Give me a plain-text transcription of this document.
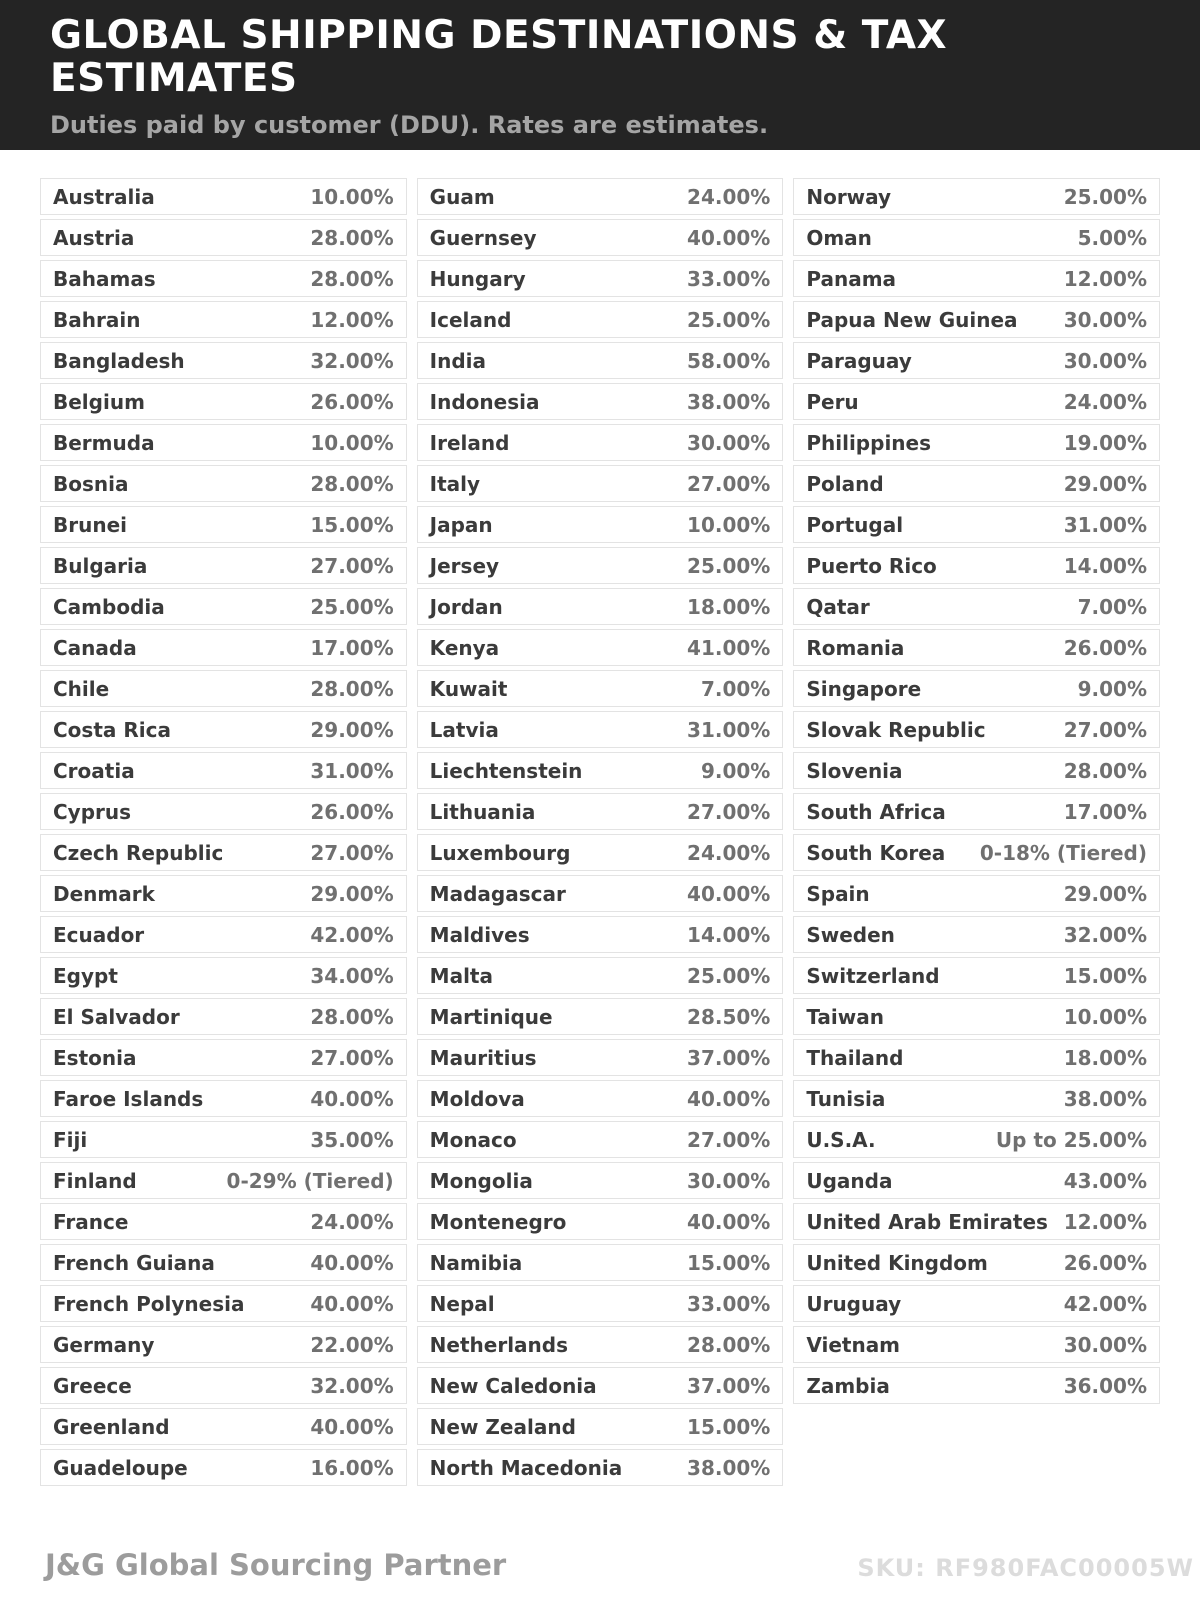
GLOBAL SHIPPING DESTINATIONS & TAX ESTIMATES
Duties paid by customer (DDU). Rates are estimates.
Australia	10.00%
Austria	28.00%
Bahamas	28.00%
Bahrain	12.00%
Bangladesh	32.00%
Belgium	26.00%
Bermuda	10.00%
Bosnia	28.00%
Brunei	15.00%
Bulgaria	27.00%
Cambodia	25.00%
Canada	17.00%
Chile	28.00%
Costa Rica	29.00%
Croatia	31.00%
Cyprus	26.00%
Czech Republic	27.00%
Denmark	29.00%
Ecuador	42.00%
Egypt	34.00%
El Salvador	28.00%
Estonia	27.00%
Faroe Islands	40.00%
Fiji	35.00%
Finland	0-29% (Tiered)
France	24.00%
French Guiana	40.00%
French Polynesia	40.00%
Germany	22.00%
Greece	32.00%
Greenland	40.00%
Guadeloupe	16.00%
Guam	24.00%
Guernsey	40.00%
Hungary	33.00%
Iceland	25.00%
India	58.00%
Indonesia	38.00%
Ireland	30.00%
Italy	27.00%
Japan	10.00%
Jersey	25.00%
Jordan	18.00%
Kenya	41.00%
Kuwait	7.00%
Latvia	31.00%
Liechtenstein	9.00%
Lithuania	27.00%
Luxembourg	24.00%
Madagascar	40.00%
Maldives	14.00%
Malta	25.00%
Martinique	28.50%
Mauritius	37.00%
Moldova	40.00%
Monaco	27.00%
Mongolia	30.00%
Montenegro	40.00%
Namibia	15.00%
Nepal	33.00%
Netherlands	28.00%
New Caledonia	37.00%
New Zealand	15.00%
North Macedonia	38.00%
Norway	25.00%
Oman	5.00%
Panama	12.00%
Papua New Guinea 30.00%
Paraguay	30.00%
Peru	24.00%
Philippines	19.00%
Poland	29.00%
Portugal	31.00%
Puerto Rico	14.00%
Qatar	7.00%
Romania	26.00%
Singapore	9.00%
Slovak Republic	27.00%
Slovenia	28.00%
South Africa	17.00%
South Korea 0-18% (Tiered)
Spain	29.00%
Sweden	32.00%
Switzerland	15.00%
Taiwan	10.00%
Thailand	18.00%
Tunisia	38.00%
U.S.A.	Up to 25.00%
Uganda	43.00%
United Arab Emirates 12.00%
United Kingdom	26.00%
Uruguay	42.00%
Vietnam	30.00%
Zambia	36.00%
J&G Global Sourcing Partner	SKU: RF980FAC00005W
